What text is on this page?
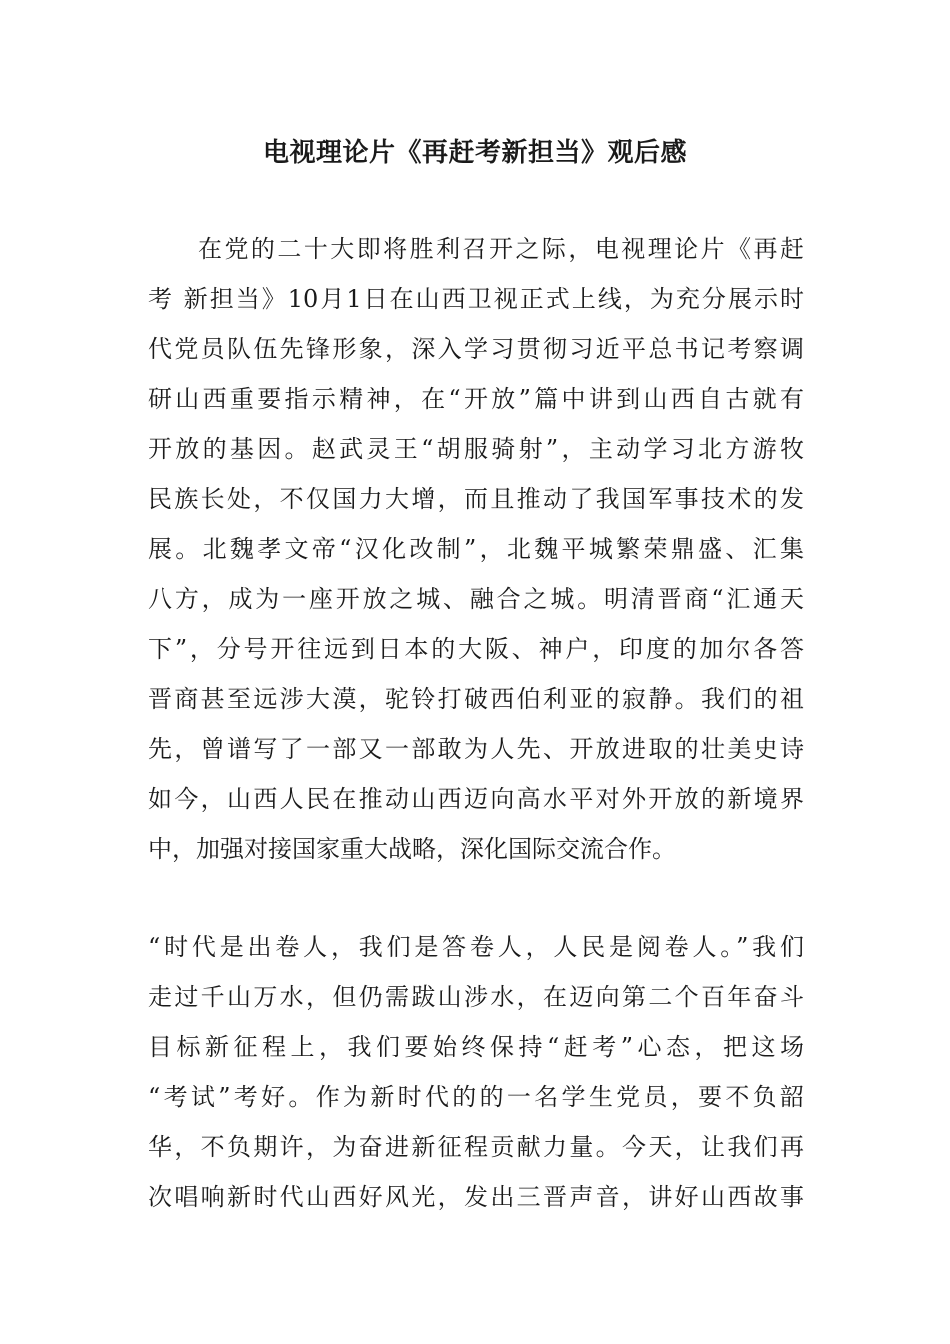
电视理论片《再赶考新担当》观后感
在党的二十大即将胜利召开之际，电视理论片《再赶
考 新担当》10月1日在山西卫视正式上线，为充分展示时
代党员队伍先锋形象，深入学习贯彻习近平总书记考察调
研山西重要指示精神，在“开放”篇中讲到山西自古就有
开放的基因。赵武灵王“胡服骑射”，主动学习北方游牧
民族长处，不仅国力大增，而且推动了我国军事技术的发
展。北魏孝文帝“汉化改制”，北魏平城繁荣鼎盛、汇集
八方，成为一座开放之城、融合之城。明清晋商“汇通天
下”，分号开往远到日本的大阪、神户，印度的加尔各答
晋商甚至远涉大漠，驼铃打破西伯利亚的寂静。我们的祖
先，曾谱写了一部又一部敢为人先、开放进取的壮美史诗
如今，山西人民在推动山西迈向高水平对外开放的新境界
中，加强对接国家重大战略，深化国际交流合作。
“时代是出卷人，我们是答卷人，人民是阅卷人。”我们
走过千山万水，但仍需跋山涉水，在迈向第二个百年奋斗
目标新征程上，我们要始终保持“赶考”心态，把这场
“考试”考好。作为新时代的的一名学生党员，要不负韶
华，不负期许，为奋进新征程贡献力量。今天，让我们再
次唱响新时代山西好风光，发出三晋声音，讲好山西故事
